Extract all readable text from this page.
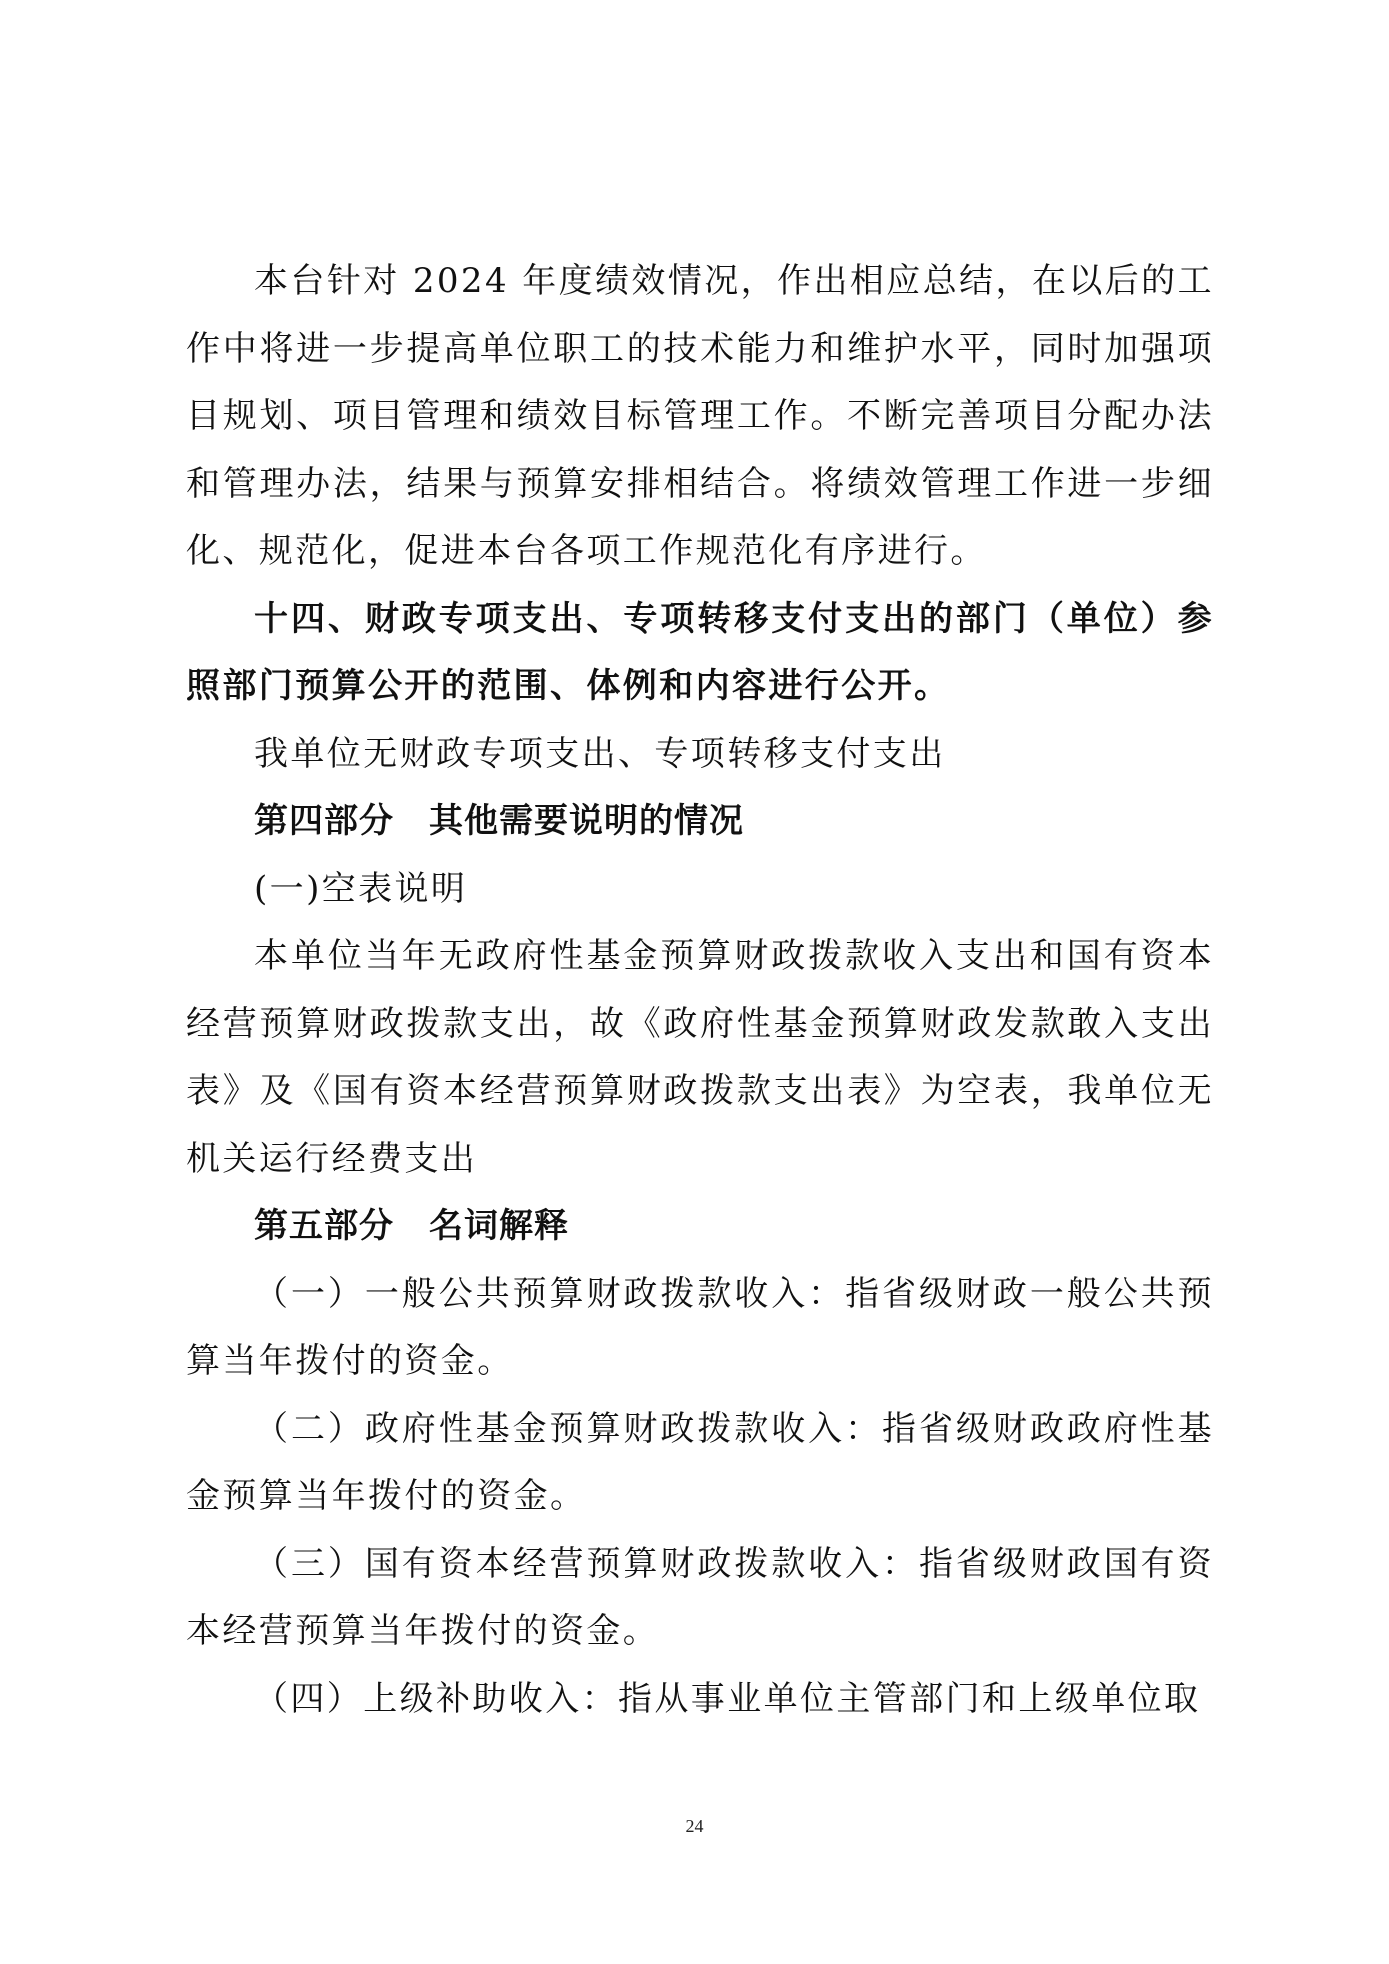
本台针对 2024 年度绩效情况，作出相应总结，在以后的工作中将进一步提高单位职工的技术能力和维护水平，同时加强项目规划、项目管理和绩效目标管理工作。不断完善项目分配办法和管理办法，结果与预算安排相结合。将绩效管理工作进一步细化、规范化，促进本台各项工作规范化有序进行。

十四、财政专项支出、专项转移支付支出的部门（单位）参照部门预算公开的范围、体例和内容进行公开。

我单位无财政专项支出、专项转移支付支出

第四部分　其他需要说明的情况

(一)空表说明

本单位当年无政府性基金预算财政拨款收入支出和国有资本经营预算财政拨款支出，故《政府性基金预算财政发款敢入支出表》及《国有资本经营预算财政拨款支出表》为空表，我单位无机关运行经费支出

第五部分　名词解释

（一）一般公共预算财政拨款收入：指省级财政一般公共预算当年拨付的资金。

（二）政府性基金预算财政拨款收入：指省级财政政府性基金预算当年拨付的资金。

（三）国有资本经营预算财政拨款收入：指省级财政国有资本经营预算当年拨付的资金。

（四）上级补助收入：指从事业单位主管部门和上级单位取

24
